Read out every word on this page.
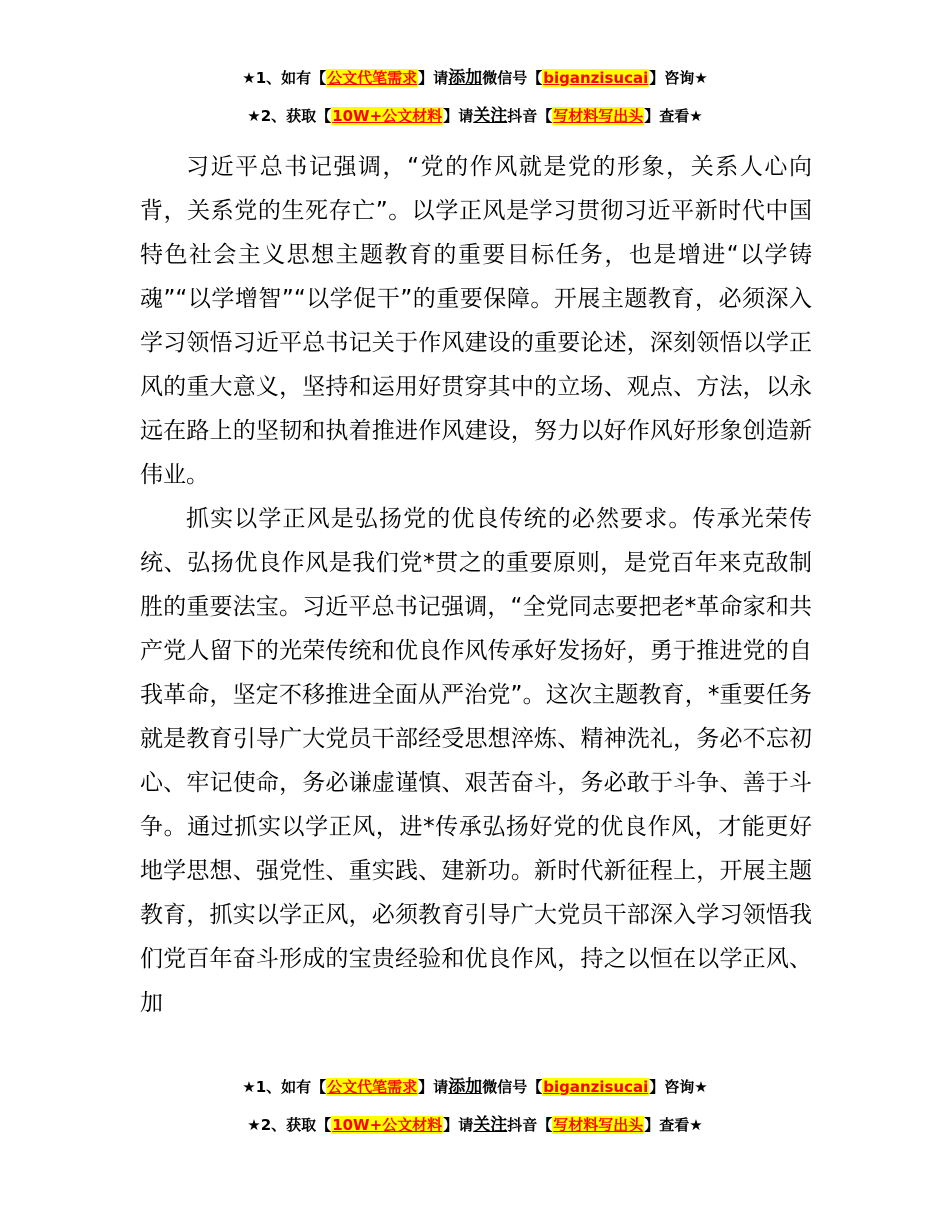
★1、如有【公文代笔需求】请添加微信号【biganzisucai】咨询★
★2、获取【10W+公文材料】请关注抖音【写材料写出头】查看★

习近平总书记强调，“党的作风就是党的形象，关系人心向背，关系党的生死存亡”。以学正风是学习贯彻习近平新时代中国特色社会主义思想主题教育的重要目标任务，也是增进“以学铸魂”“以学增智”“以学促干”的重要保障。开展主题教育，必须深入学习领悟习近平总书记关于作风建设的重要论述，深刻领悟以学正风的重大意义，坚持和运用好贯穿其中的立场、观点、方法，以永远在路上的坚韧和执着推进作风建设，努力以好作风好形象创造新伟业。

抓实以学正风是弘扬党的优良传统的必然要求。传承光荣传统、弘扬优良作风是我们党*贯之的重要原则，是党百年来克敌制胜的重要法宝。习近平总书记强调，“全党同志要把老*革命家和共产党人留下的光荣传统和优良作风传承好发扬好，勇于推进党的自我革命，坚定不移推进全面从严治党”。这次主题教育，*重要任务就是教育引导广大党员干部经受思想淬炼、精神洗礼，务必不忘初心、牢记使命，务必谦虚谨慎、艰苦奋斗，务必敢于斗争、善于斗争。通过抓实以学正风，进*传承弘扬好党的优良作风，才能更好地学思想、强党性、重实践、建新功。新时代新征程上，开展主题教育，抓实以学正风，必须教育引导广大党员干部深入学习领悟我们党百年奋斗形成的宝贵经验和优良作风，持之以恒在以学正风、加

★1、如有【公文代笔需求】请添加微信号【biganzisucai】咨询★
★2、获取【10W+公文材料】请关注抖音【写材料写出头】查看★
